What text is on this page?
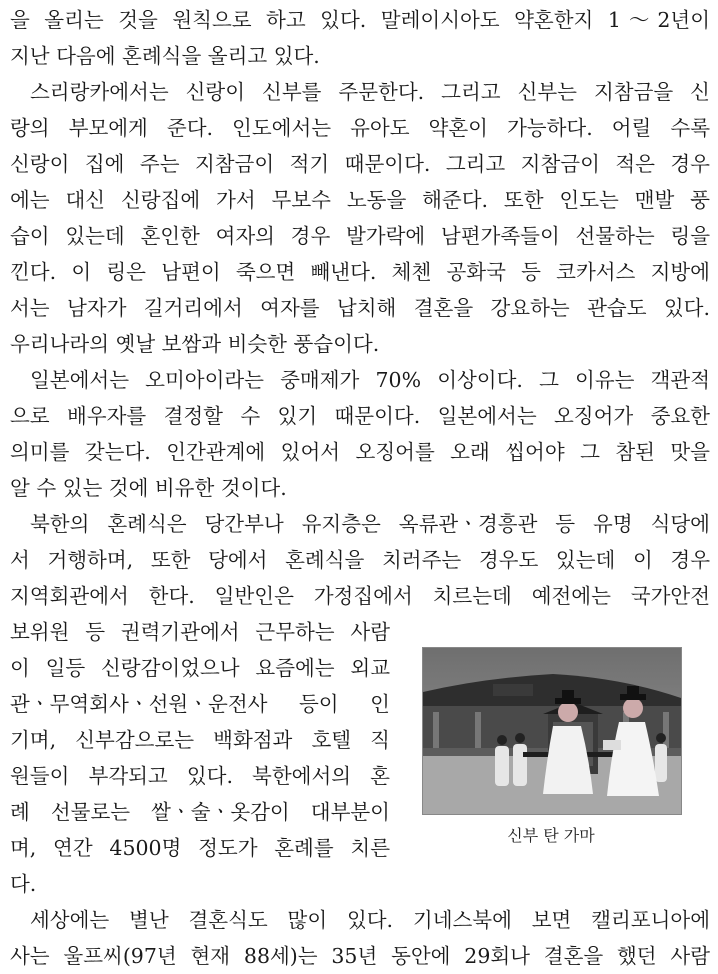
을 올리는 것을 원칙으로 하고 있다. 말레이시아도 약혼한지 1～2년이
지난 다음에 혼례식을 올리고 있다.
스리랑카에서는 신랑이 신부를 주문한다. 그리고 신부는 지참금을 신
랑의 부모에게 준다. 인도에서는 유아도 약혼이 가능하다. 어릴 수록
신랑이 집에 주는 지참금이 적기 때문이다. 그리고 지참금이 적은 경우
에는 대신 신랑집에 가서 무보수 노동을 해준다. 또한 인도는 맨발 풍
습이 있는데 혼인한 여자의 경우 발가락에 남편가족들이 선물하는 링을
낀다. 이 링은 남편이 죽으면 빼낸다. 체첸 공화국 등 코카서스 지방에
서는 남자가 길거리에서 여자를 납치해 결혼을 강요하는 관습도 있다.
우리나라의 옛날 보쌈과 비슷한 풍습이다.
일본에서는 오미아이라는 중매제가 70% 이상이다. 그 이유는 객관적
으로 배우자를 결정할 수 있기 때문이다. 일본에서는 오징어가 중요한
의미를 갖는다. 인간관계에 있어서 오징어를 오래 씹어야 그 참된 맛을
알 수 있는 것에 비유한 것이다.
북한의 혼례식은 당간부나 유지층은 옥류관ㆍ경흥관 등 유명 식당에
서 거행하며, 또한 당에서 혼례식을 치러주는 경우도 있는데 이 경우
지역회관에서 한다. 일반인은 가정집에서 치르는데 예전에는 국가안전
보위원 등 권력기관에서 근무하는 사람
이 일등 신랑감이었으나 요즘에는 외교
관ㆍ무역회사ㆍ선원ㆍ운전사 등이 인
기며, 신부감으로는 백화점과 호텔 직
원들이 부각되고 있다. 북한에서의 혼
례 선물로는 쌀ㆍ술ㆍ옷감이 대부분이
며, 연간 4500명 정도가 혼례를 치른
다.
세상에는 별난 결혼식도 많이 있다. 기네스북에 보면 캘리포니아에
사는 울프씨(97년 현재 88세)는 35년 동안에 29회나 결혼을 했던 사람
신부 탄 가마
